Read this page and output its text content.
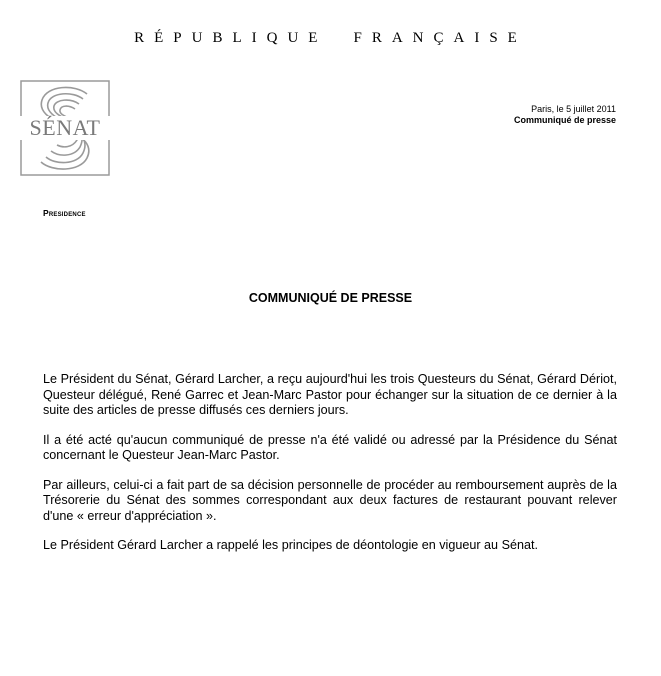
RÉPUBLIQUE FRANÇAISE
SÉNAT
Paris, le 5 juillet 2011
Communiqué de presse
Presidence
COMMUNIQUÉ DE PRESSE

Le Président du Sénat, Gérard Larcher, a reçu aujourd'hui les trois Questeurs du Sénat, Gérard Dériot, Questeur délégué, René Garrec et Jean-Marc Pastor pour échanger sur la situation de ce dernier à la suite des articles de presse diffusés ces derniers jours.

Il a été acté qu'aucun communiqué de presse n'a été validé ou adressé par la Présidence du Sénat concernant le Questeur Jean-Marc Pastor.

Par ailleurs, celui-ci a fait part de sa décision personnelle de procéder au remboursement auprès de la Trésorerie du Sénat des sommes correspondant aux deux factures de restaurant pouvant relever d'une « erreur d'appréciation ».

Le Président Gérard Larcher a rappelé les principes de déontologie en vigueur au Sénat.
